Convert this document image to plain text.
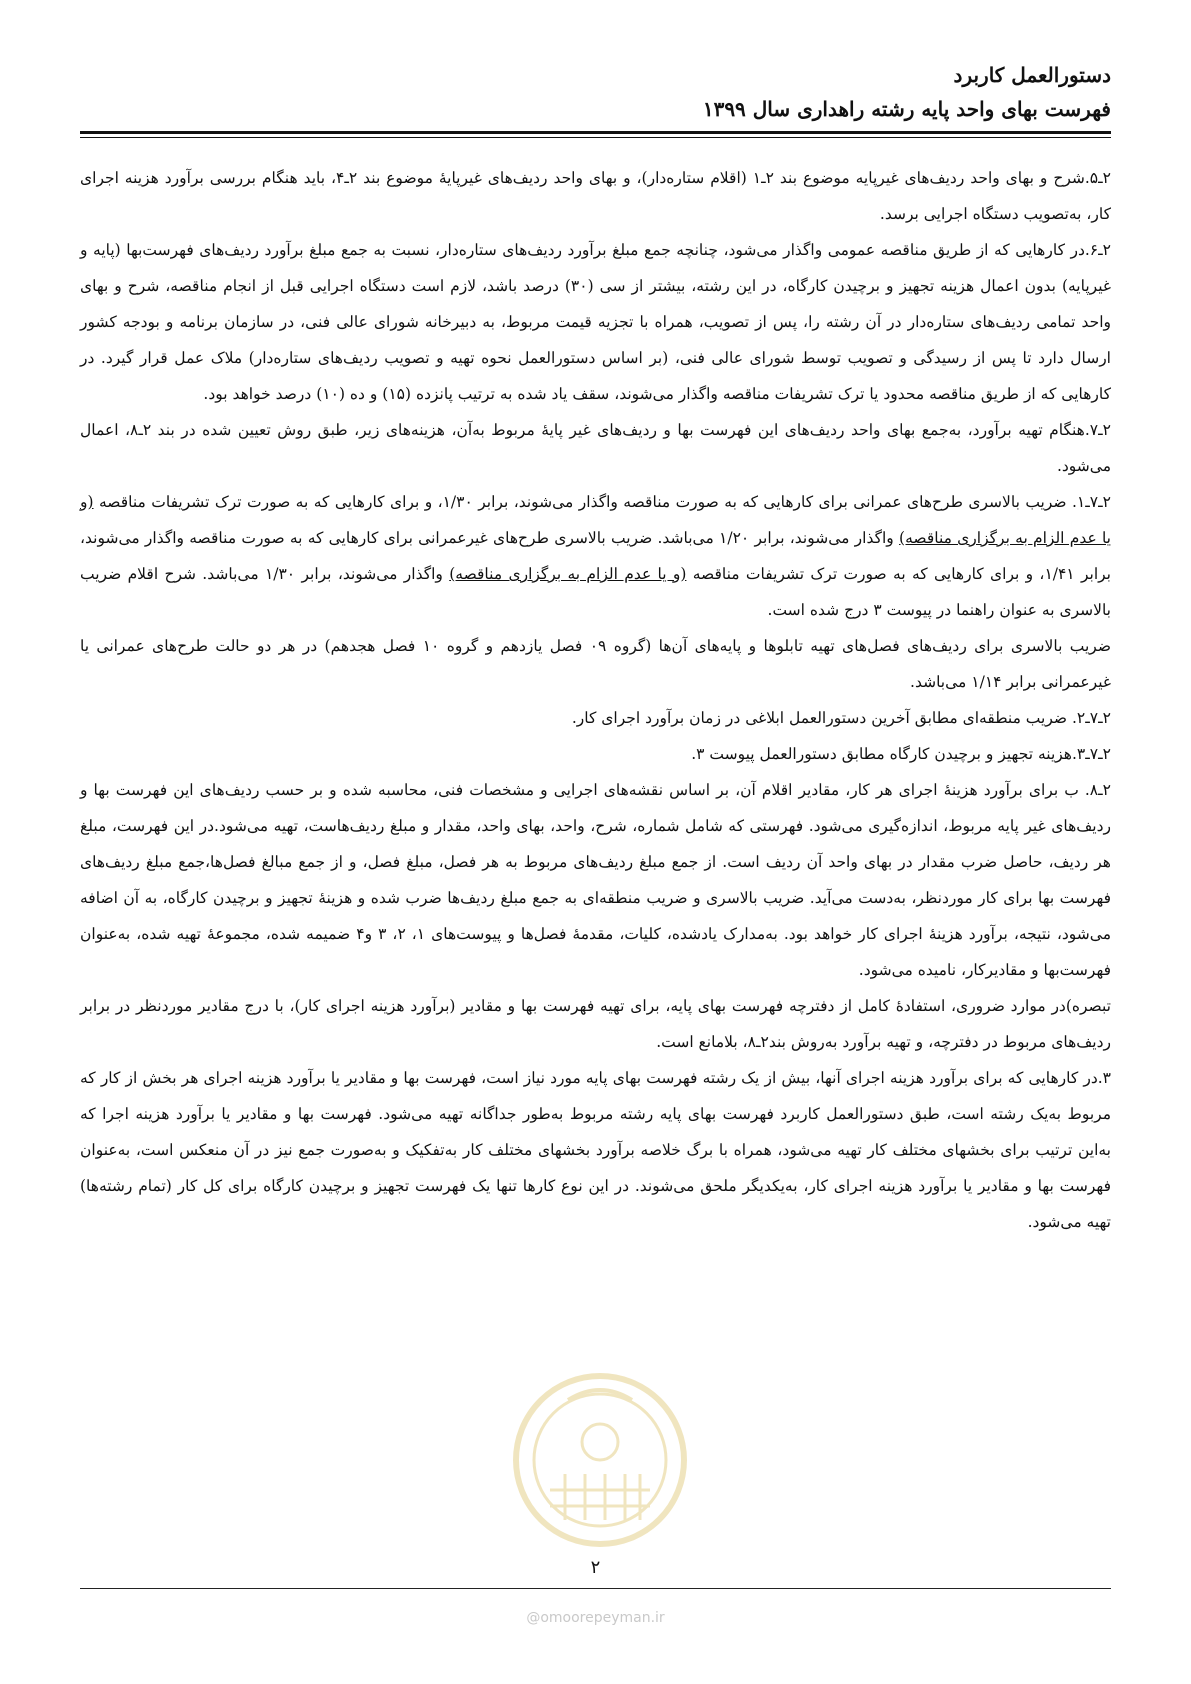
دستورالعمل کاربرد
فهرست بهای واحد پایه رشته راهداری سال ۱۳۹۹

۲ـ۵.شرح و بهای واحد ردیف‌های غیرپایه موضوع بند ۲ـ۱ (اقلام ستاره‌دار)، و بهای واحد ردیف‌های غیرپایهٔ موضوع بند ۲ـ۴، باید هنگام بررسی برآورد هزینه اجرای کار، به‌تصویب دستگاه اجرایی برسد.

۲ـ۶.در کارهایی که از طریق مناقصه عمومی واگذار می‌شود، چنانچه جمع مبلغ برآورد ردیف‌های ستاره‌دار، نسبت به جمع مبلغ برآورد ردیف‌های فهرست‌بها (پایه و غیرپایه) بدون اعمال هزینه تجهیز و برچیدن کارگاه، در این رشته، بیشتر از سی (۳۰) درصد باشد، لازم است دستگاه اجرایی قبل از انجام مناقصه، شرح و بهای واحد تمامی ردیف‌های ستاره‌دار در آن رشته را، پس از تصویب، همراه با تجزیه قیمت مربوط، به دبیرخانه شورای عالی فنی، در سازمان برنامه و بودجه کشور ارسال دارد تا پس از رسیدگی و تصویب توسط شورای عالی فنی، (بر اساس دستورالعمل نحوه تهیه و تصویب ردیف‌های ستاره‌دار) ملاک عمل قرار گیرد. در کارهایی که از طریق مناقصه محدود یا ترک تشریفات مناقصه واگذار می‌شوند، سقف یاد شده به ترتیب پانزده (۱۵) و ده (۱۰) درصد خواهد بود.

۲ـ۷.هنگام تهیه برآورد، به‌جمع بهای واحد ردیف‌های این فهرست بها و ردیف‌های غیر پایهٔ مربوط به‌آن، هزینه‌های زیر، طبق روش تعیین شده در بند ۲ـ۸، اعمال می‌شود.

۲ـ۷ـ۱. ضریب بالاسری طرح‌های عمرانی برای کارهایی که به صورت مناقصه واگذار می‌شوند، برابر ۱/۳۰، و برای کارهایی که به صورت ترک تشریفات مناقصه (و یا عدم الزام به برگزاری مناقصه) واگذار می‌شوند، برابر ۱/۲۰ می‌باشد. ضریب بالاسری طرح‌های غیرعمرانی برای کارهایی که به صورت مناقصه واگذار می‌شوند، برابر ۱/۴۱، و برای کارهایی که به صورت ترک تشریفات مناقصه (و یا عدم الزام به برگزاری مناقصه) واگذار می‌شوند، برابر ۱/۳۰ می‌باشد. شرح اقلام ضریب بالاسری به عنوان راهنما در پیوست ۳ درج شده است.

ضریب بالاسری برای ردیف‌های فصل‌های تهیه تابلوها و پایه‌های آن‌ها (گروه ۰۹ فصل یازدهم و گروه ۱۰ فصل هجدهم) در هر دو حالت طرح‌های عمرانی یا غیرعمرانی برابر ۱/۱۴ می‌باشد.

۲ـ۷ـ۲. ضریب منطقه‌ای مطابق آخرین دستورالعمل ابلاغی در زمان برآورد اجرای کار.

۲ـ۷ـ۳.هزینه تجهیز و برچیدن کارگاه مطابق دستورالعمل پیوست ۳.

۲ـ۸. ب برای برآورد هزینهٔ اجرای هر کار، مقادیر اقلام آن، بر اساس نقشه‌های اجرایی و مشخصات فنی، محاسبه شده و بر حسب ردیف‌های این فهرست بها و ردیف‌های غیر پایه مربوط، اندازه‌گیری می‌شود. فهرستی که شامل شماره، شرح، واحد، بهای واحد، مقدار و مبلغ ردیف‌هاست، تهیه می‌شود.در این فهرست، مبلغ هر ردیف، حاصل ضرب مقدار در بهای واحد آن ردیف است. از جمع مبلغ ردیف‌های مربوط به هر فصل، مبلغ فصل، و از جمع مبالغ فصل‌ها،جمع مبلغ ردیف‌های فهرست بها برای کار موردنظر، به‌دست می‌آید. ضریب بالاسری و ضریب منطقه‌ای به جمع مبلغ ردیف‌ها ضرب شده و هزینهٔ تجهیز و برچیدن کارگاه، به آن اضافه می‌شود، نتیجه، برآورد هزینهٔ اجرای کار خواهد بود. به‌مدارک یادشده، کلیات، مقدمهٔ فصل‌ها و پیوست‌های ۱، ۲، ۳ و۴ ضمیمه شده، مجموعهٔ تهیه شده، به‌عنوان فهرست‌بها و مقادیرکار، نامیده می‌شود.

تبصره)در موارد ضروری، استفادهٔ کامل از دفترچه فهرست بهای پایه، برای تهیه فهرست بها و مقادیر (برآورد هزینه اجرای کار)، با درج مقادیر موردنظر در برابر ردیف‌های مربوط در دفترچه، و تهیه برآورد به‌روش بند۲ـ۸، بلامانع است.

۳.در کارهایی که برای برآورد هزینه اجرای آنها، بیش از یک رشته فهرست بهای پایه مورد نیاز است، فهرست بها و مقادیر یا برآورد هزینه اجرای هر بخش از کار که مربوط به‌یک رشته است، طبق دستورالعمل کاربرد فهرست بهای پایه رشته مربوط به‌طور جداگانه تهیه می‌شود. فهرست بها و مقادیر یا برآورد هزینه اجرا که به‌این ترتیب برای بخشهای مختلف کار تهیه می‌شود، همراه با برگ خلاصه برآورد بخشهای مختلف کار به‌تفکیک و به‌صورت جمع نیز در آن منعکس است، به‌عنوان فهرست بها و مقادیر یا برآورد هزینه اجرای کار، به‌یکدیگر ملحق می‌شوند. در این نوع کارها تنها یک فهرست تجهیز و برچیدن کارگاه برای کل کار (تمام رشته‌ها) تهیه می‌شود.

۲
@omoorepeyman.ir
